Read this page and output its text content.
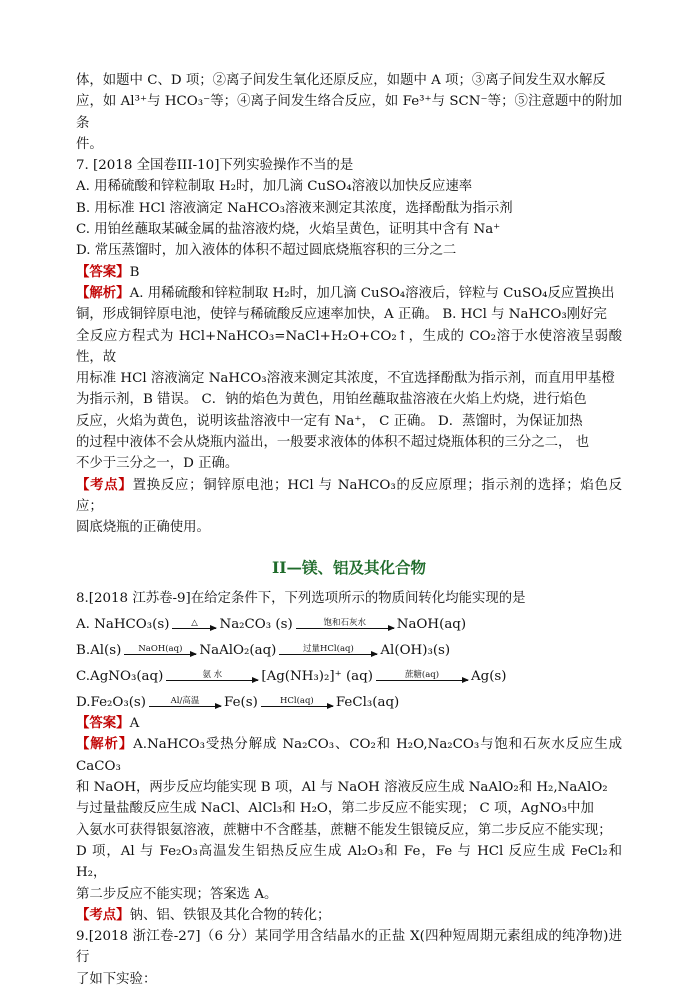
体，如题中 C、D 项；②离子间发生氧化还原反应，如题中 A 项；③离子间发生双水解反

应，如 Al³⁺与 HCO₃⁻等；④离子间发生络合反应，如 Fe³⁺与 SCN⁻等；⑤注意题中的附加条

件。

7. [2018 全国卷III-10]下列实验操作不当的是

A. 用稀硫酸和锌粒制取 H₂时，加几滴 CuSO₄溶液以加快反应速率

B. 用标准 HCl 溶液滴定 NaHCO₃溶液来测定其浓度，选择酚酞为指示剂

C. 用铂丝蘸取某碱金属的盐溶液灼烧，火焰呈黄色，证明其中含有 Na⁺

D. 常压蒸馏时，加入液体的体积不超过圆底烧瓶容积的三分之二

【答案】B

【解析】A. 用稀硫酸和锌粒制取 H₂时，加几滴 CuSO₄溶液后，锌粒与 CuSO₄反应置换出

铜，形成铜锌原电池，使锌与稀硫酸反应速率加快，A 正确。 B. HCl 与 NaHCO₃刚好完

全反应方程式为 HCl+NaHCO₃=NaCl+H₂O+CO₂↑，生成的 CO₂溶于水使溶液呈弱酸性，故

用标准 HCl 溶液滴定 NaHCO₃溶液来测定其浓度，不宜选择酚酞为指示剂，而直用甲基橙

为指示剂，B 错误。 C．钠的焰色为黄色，用铂丝蘸取盐溶液在火焰上灼烧，进行焰色

反应，火焰为黄色，说明该盐溶液中一定有 Na⁺， C 正确。 D．蒸馏时，为保证加热

的过程中液体不会从烧瓶内溢出，一般要求液体的体积不超过烧瓶体积的三分之二， 也

不少于三分之一，D 正确。

【考点】置换反应；铜锌原电池；HCl 与 NaHCO₃的反应原理；指示剂的选择；焰色反应；

圆底烧瓶的正确使用。

II—镁、铝及其化合物

8.[2018 江苏卷-9]在给定条件下，下列选项所示的物质间转化均能实现的是

A. NaHCO₃(s)	△ Na₂CO₃ (s)	饱和石灰水 NaOH(aq)
B.Al(s)	NaOH(aq) NaAlO₂(aq)	过量HCl(aq) Al(OH)₃(s)
C.AgNO₃(aq)	氨 水	[Ag(NH₃)₂]⁺ (aq)	蔗糖(aq) Ag(s)
D.Fe₂O₃(s)	Al/高温 Fe(s)	HCl(aq) FeCl₃(aq)

【答案】A

【解析】A.NaHCO₃受热分解成 Na₂CO₃、CO₂和 H₂O,Na₂CO₃与饱和石灰水反应生成 CaCO₃

和 NaOH，两步反应均能实现 B 项，Al 与 NaOH 溶液反应生成 NaAlO₂和 H₂,NaAlO₂

与过量盐酸反应生成 NaCl、AlCl₃和 H₂O，第二步反应不能实现； C 项，AgNO₃中加

入氨水可获得银氨溶液，蔗糖中不含醛基，蔗糖不能发生银镜反应，第二步反应不能实现；

D 项，Al 与 Fe₂O₃高温发生铝热反应生成 Al₂O₃和 Fe，Fe 与 HCl 反应生成 FeCl₂和 H₂，

第二步反应不能实现；答案选 A。

【考点】钠、铝、铁银及其化合物的转化；

9.[2018 浙江卷-27]（6 分）某同学用含结晶水的正盐 X(四种短周期元素组成的纯净物)进行

了如下实验：
